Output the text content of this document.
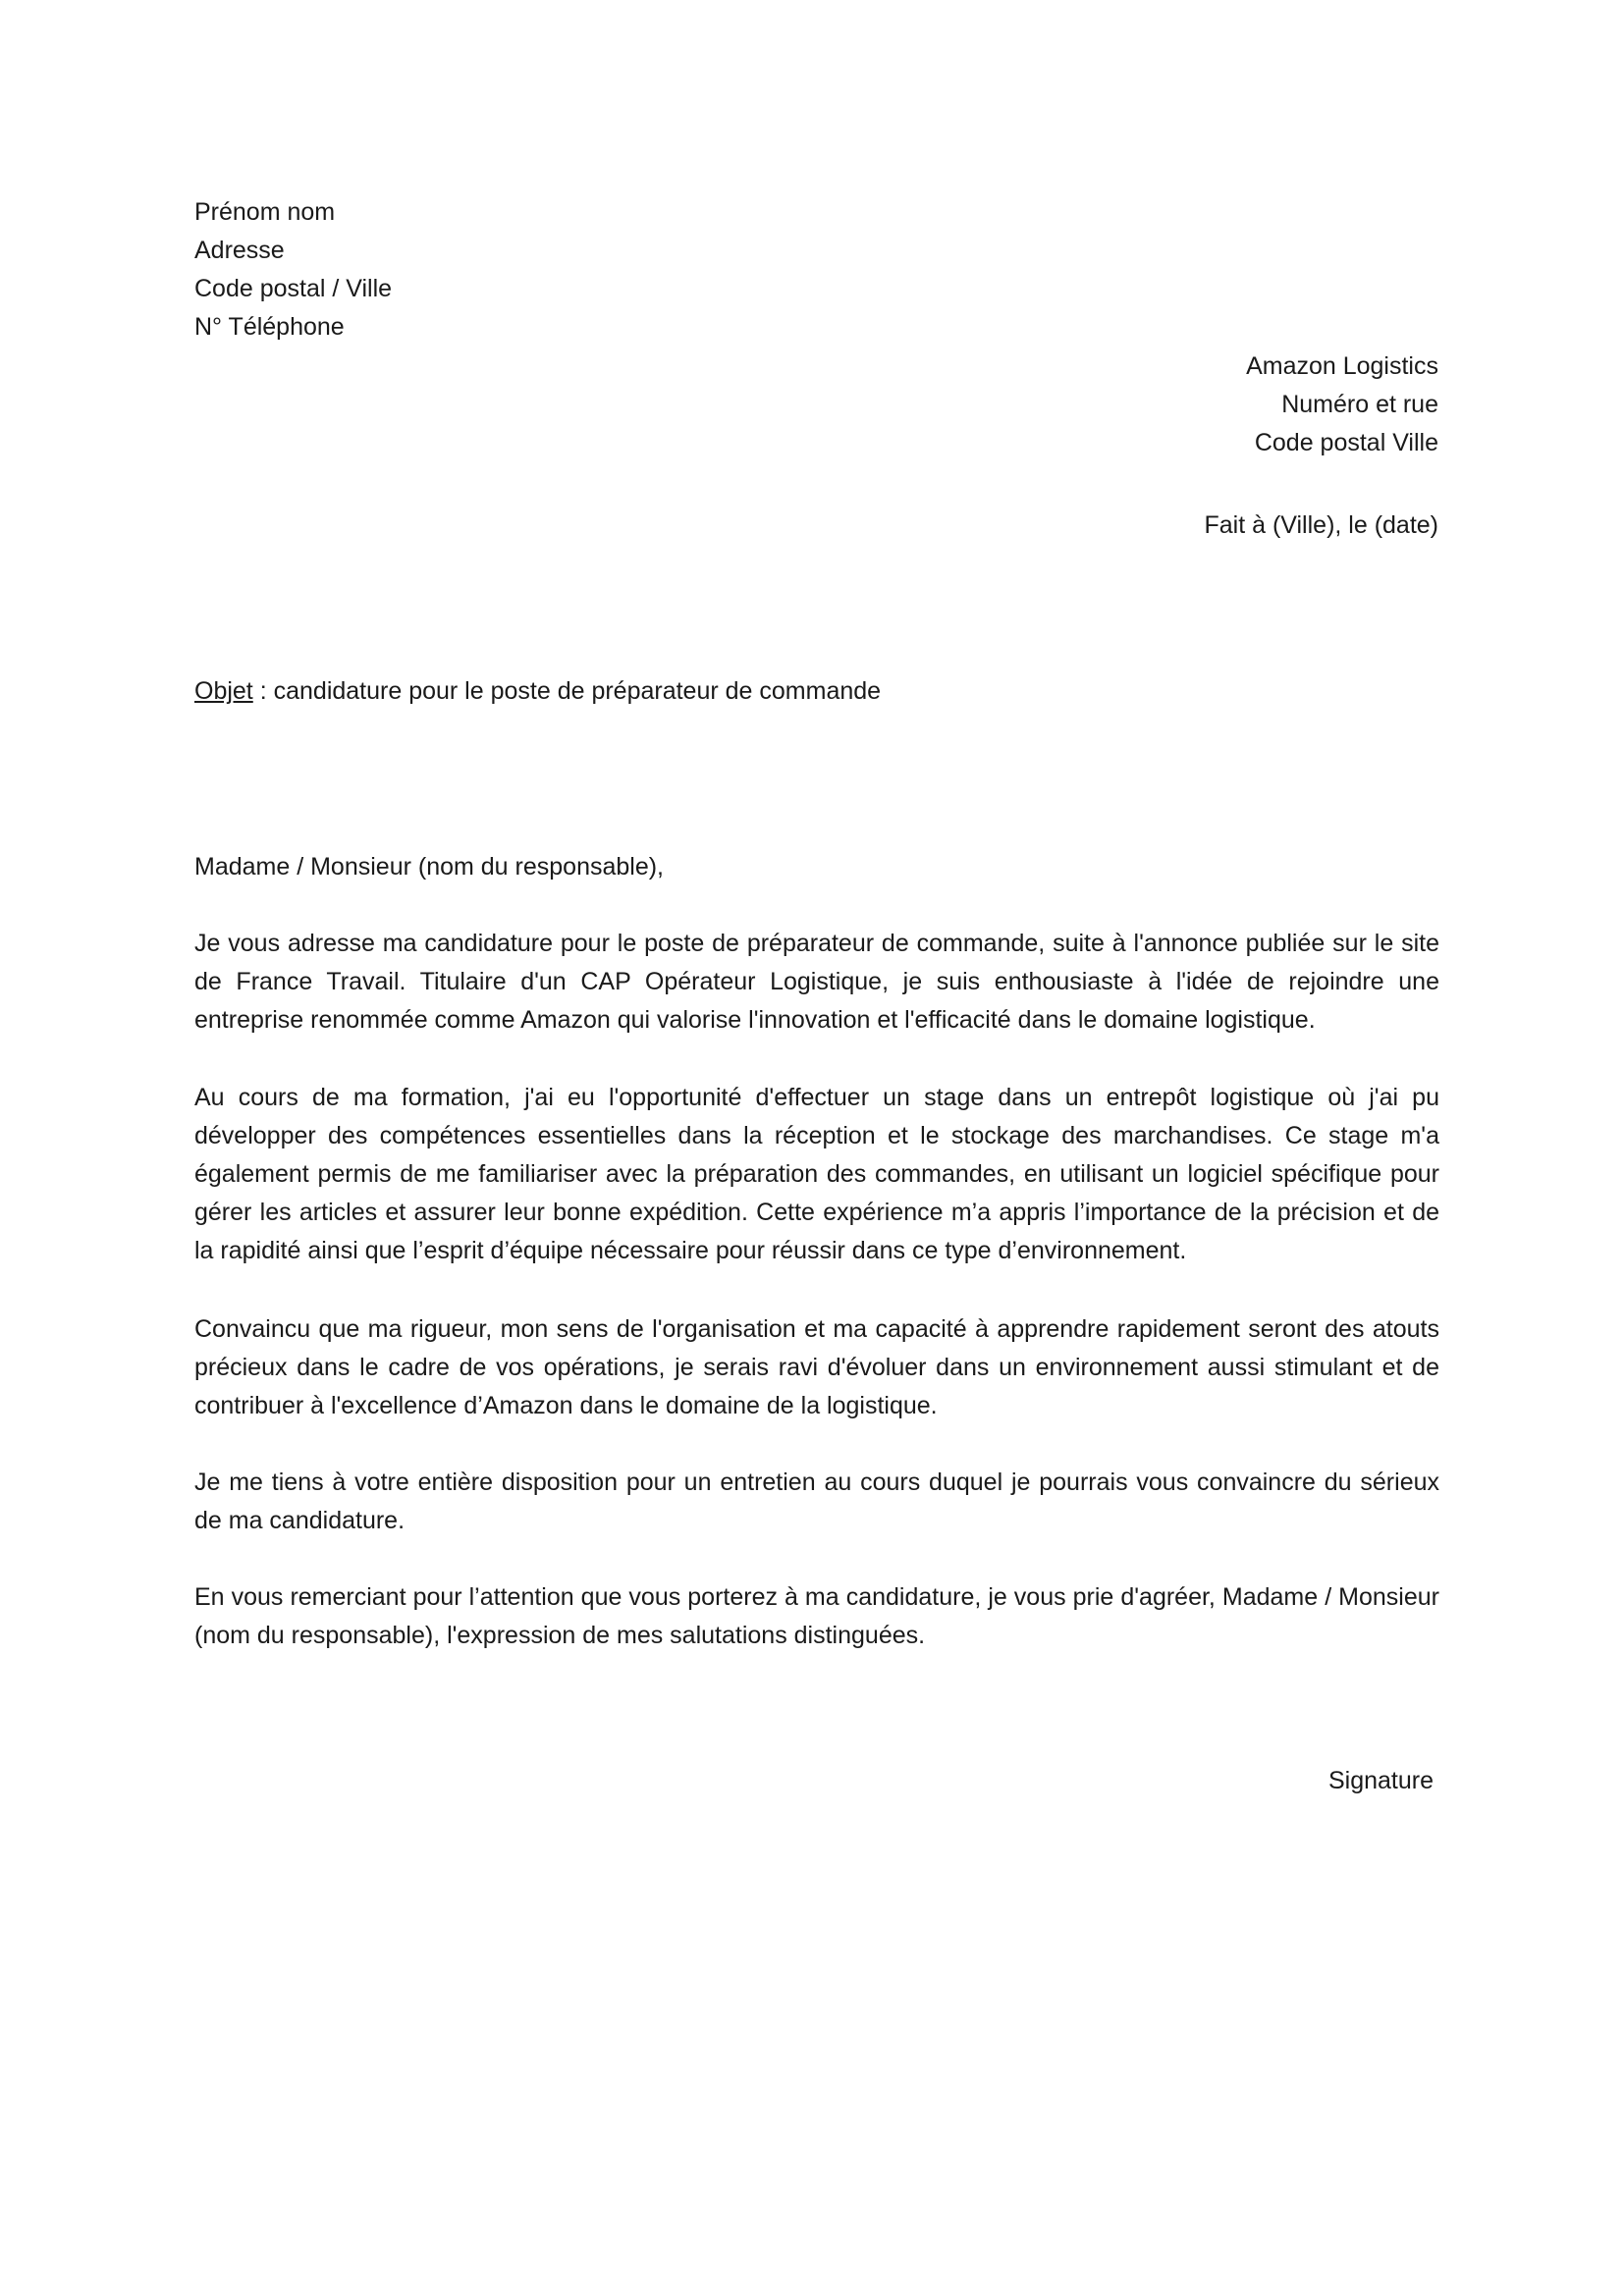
Prénom nom
Adresse
Code postal / Ville
N° Téléphone
Amazon Logistics
Numéro et rue
Code postal Ville
Fait à (Ville), le (date)
Objet : candidature pour le poste de préparateur de commande
Madame / Monsieur (nom du responsable),

Je vous adresse ma candidature pour le poste de préparateur de commande, suite à l'annonce publiée sur le site de France Travail. Titulaire d'un CAP Opérateur Logistique, je suis enthousiaste à l'idée de rejoindre une entreprise renommée comme Amazon qui valorise l'innovation et l'efficacité dans le domaine logistique.

Au cours de ma formation, j'ai eu l'opportunité d'effectuer un stage dans un entrepôt logistique où j'ai pu développer des compétences essentielles dans la réception et le stockage des marchandises. Ce stage m'a également permis de me familiariser avec la préparation des commandes, en utilisant un logiciel spécifique pour gérer les articles et assurer leur bonne expédition. Cette expérience m’a appris l’importance de la précision et de la rapidité ainsi que l’esprit d’équipe nécessaire pour réussir dans ce type d’environnement.

Convaincu que ma rigueur, mon sens de l'organisation et ma capacité à apprendre rapidement seront des atouts précieux dans le cadre de vos opérations, je serais ravi d'évoluer dans un environnement aussi stimulant et de contribuer à l'excellence d’Amazon dans le domaine de la logistique.

Je me tiens à votre entière disposition pour un entretien au cours duquel je pourrais vous convaincre du sérieux de ma candidature.

En vous remerciant pour l’attention que vous porterez à ma candidature, je vous prie d'agréer, Madame / Monsieur (nom du responsable), l'expression de mes salutations distinguées.

Signature
